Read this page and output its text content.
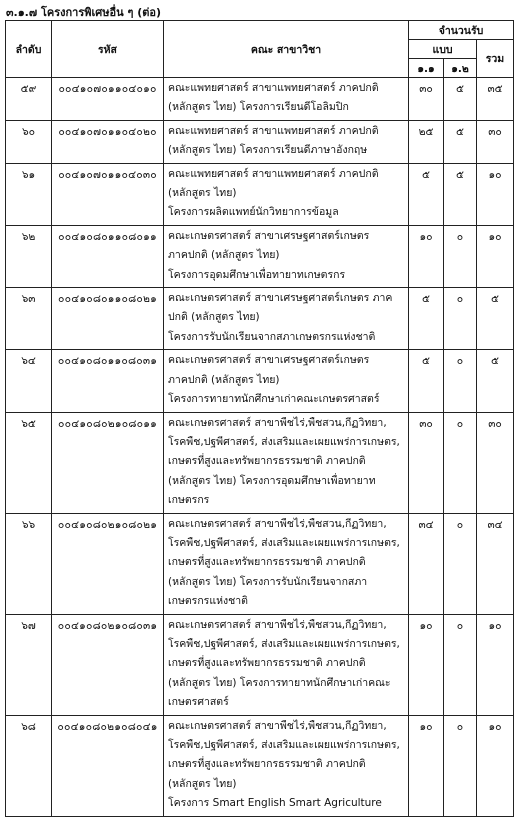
๓.๑.๗ โครงการพิเศษอื่น ๆ (ต่อ)
ลำดับ	รหัส	คณะ สาขาวิชา	จำนวนรับ		
			แบบ		รวม
			๑.๑	๑.๒	
๕๙	๐๐๔๑๐๗๐๑๑๐๔๐๑๐	คณะแพทยศาสตร์ สาขาแพทยศาสตร์ ภาคปกติ
(หลักสูตร ไทย) โครงการเรียนดีโอลิมปิก	๓๐	๕	๓๕
๖๐	๐๐๔๑๐๗๐๑๑๐๔๐๒๐	คณะแพทยศาสตร์ สาขาแพทยศาสตร์ ภาคปกติ
(หลักสูตร ไทย) โครงการเรียนดีภาษาอังกฤษ	๒๕	๕	๓๐
๖๑	๐๐๔๑๐๗๐๑๑๐๔๐๓๐	คณะแพทยศาสตร์ สาขาแพทยศาสตร์ ภาคปกติ
(หลักสูตร ไทย)
โครงการผลิตแพทย์นักวิทยาการข้อมูล	๕	๕	๑๐
๖๒	๐๐๔๑๐๘๐๑๑๐๘๐๑๑	คณะเกษตรศาสตร์ สาขาเศรษฐศาสตร์เกษตร
ภาคปกติ (หลักสูตร ไทย)
โครงการอุดมศึกษาเพื่อทายาทเกษตรกร	๑๐	๐	๑๐
๖๓	๐๐๔๑๐๘๐๑๑๐๘๐๒๑	คณะเกษตรศาสตร์ สาขาเศรษฐศาสตร์เกษตร ภาค
ปกติ (หลักสูตร ไทย)
โครงการรับนักเรียนจากสภาเกษตรกรแห่งชาติ	๕	๐	๕
๖๔	๐๐๔๑๐๘๐๑๑๐๘๐๓๑	คณะเกษตรศาสตร์ สาขาเศรษฐศาสตร์เกษตร
ภาคปกติ (หลักสูตร ไทย)
โครงการทายาทนักศึกษาเก่าคณะเกษตรศาสตร์	๕	๐	๕
๖๕	๐๐๔๑๐๘๐๒๑๐๘๐๑๑	คณะเกษตรศาสตร์ สาขาพืชไร่,พืชสวน,กีฏวิทยา,
โรคพืช,ปฐพีศาสตร์, ส่งเสริมและเผยแพร่การเกษตร,
เกษตรที่สูงและทรัพยากรธรรมชาติ ภาคปกติ
(หลักสูตร ไทย) โครงการอุดมศึกษาเพื่อทายาท
เกษตรกร	๓๐	๐	๓๐
๖๖	๐๐๔๑๐๘๐๒๑๐๘๐๒๑	คณะเกษตรศาสตร์ สาขาพืชไร่,พืชสวน,กีฏวิทยา,
โรคพืช,ปฐพีศาสตร์, ส่งเสริมและเผยแพร่การเกษตร,
เกษตรที่สูงและทรัพยากรธรรมชาติ ภาคปกติ
(หลักสูตร ไทย) โครงการรับนักเรียนจากสภา
เกษตรกรแห่งชาติ	๓๔	๐	๓๔
๖๗	๐๐๔๑๐๘๐๒๑๐๘๐๓๑	คณะเกษตรศาสตร์ สาขาพืชไร่,พืชสวน,กีฏวิทยา,
โรคพืช,ปฐพีศาสตร์, ส่งเสริมและเผยแพร่การเกษตร,
เกษตรที่สูงและทรัพยากรธรรมชาติ ภาคปกติ
(หลักสูตร ไทย) โครงการทายาทนักศึกษาเก่าคณะ
เกษตรศาสตร์	๑๐	๐	๑๐
๖๘	๐๐๔๑๐๘๐๒๑๐๘๐๔๑	คณะเกษตรศาสตร์ สาขาพืชไร่,พืชสวน,กีฏวิทยา,
โรคพืช,ปฐพีศาสตร์, ส่งเสริมและเผยแพร่การเกษตร,
เกษตรที่สูงและทรัพยากรธรรมชาติ ภาคปกติ
(หลักสูตร ไทย)
โครงการ Smart English Smart Agriculture	๑๐	๐	๑๐
